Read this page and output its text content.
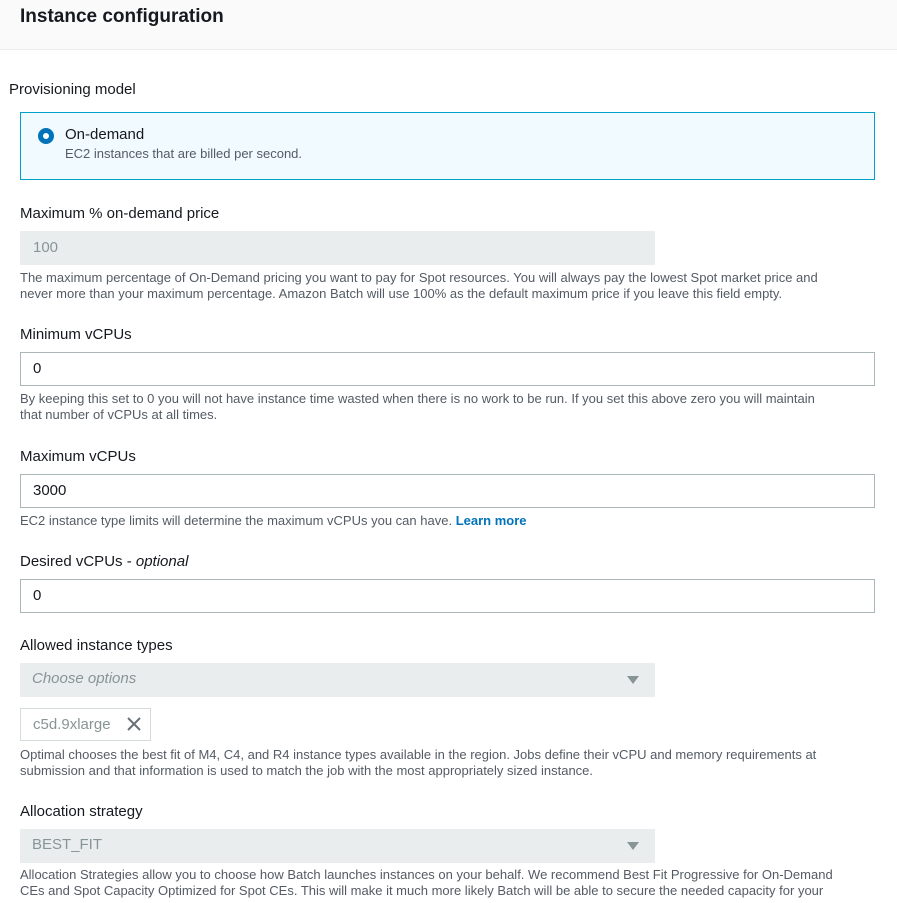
Instance configuration
Provisioning model
On-demand
EC2 instances that are billed per second.
Maximum % on-demand price
100
The maximum percentage of On-Demand pricing you want to pay for Spot resources. You will always pay the lowest Spot market price and
never more than your maximum percentage. Amazon Batch will use 100% as the default maximum price if you leave this field empty.
Minimum vCPUs
0
By keeping this set to 0 you will not have instance time wasted when there is no work to be run. If you set this above zero you will maintain
that number of vCPUs at all times.
Maximum vCPUs
3000
EC2 instance type limits will determine the maximum vCPUs you can have. Learn more
Desired vCPUs - optional
0
Allowed instance types
Choose options
c5d.9xlarge
Optimal chooses the best fit of M4, C4, and R4 instance types available in the region. Jobs define their vCPU and memory requirements at
submission and that information is used to match the job with the most appropriately sized instance.
Allocation strategy
BEST_FIT
Allocation Strategies allow you to choose how Batch launches instances on your behalf. We recommend Best Fit Progressive for On-Demand
CEs and Spot Capacity Optimized for Spot CEs. This will make it much more likely Batch will be able to secure the needed capacity for your
